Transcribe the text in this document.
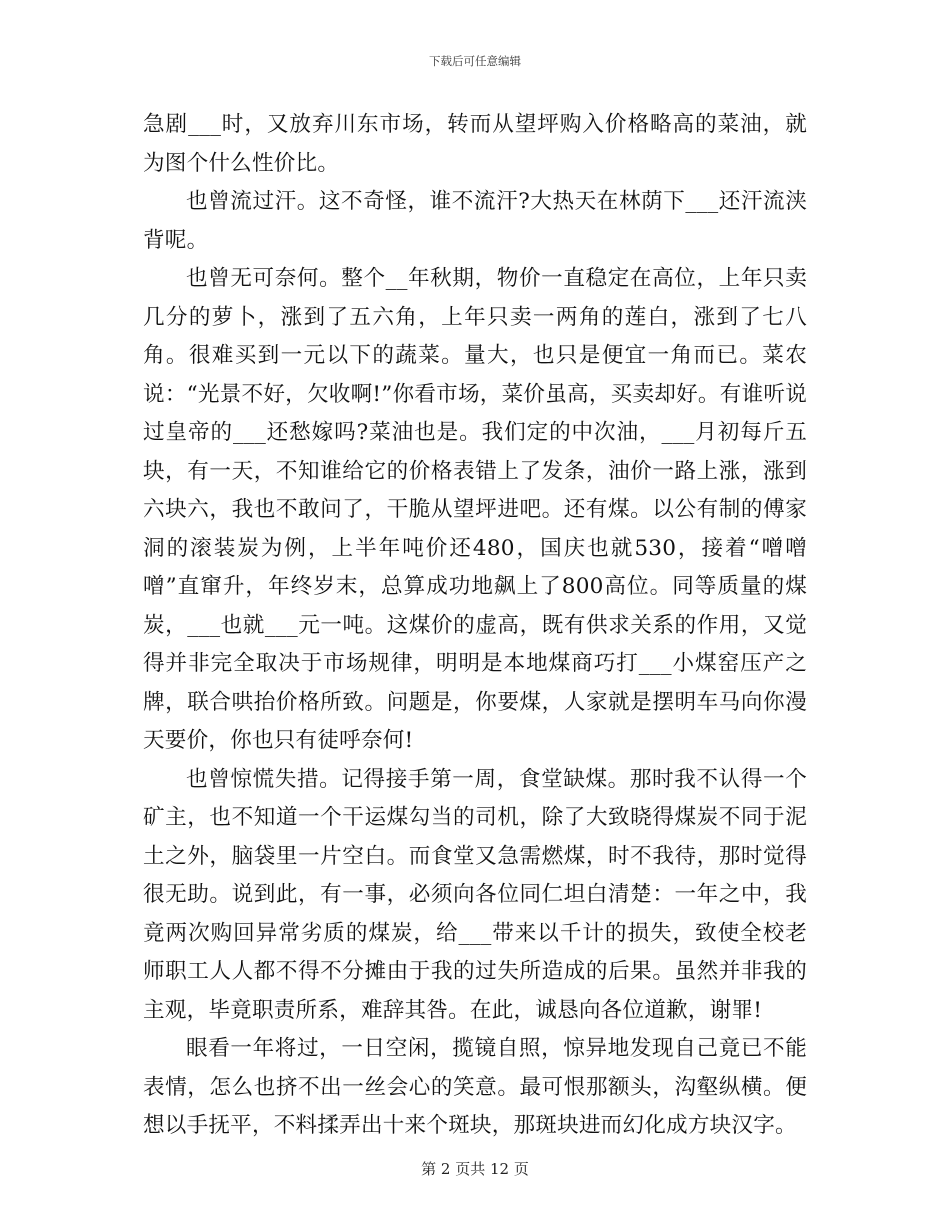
下载后可任意编辑

急剧___时，又放弃川东市场，转而从望坪购入价格略高的菜油，就为图个什么性价比。

也曾流过汗。这不奇怪，谁不流汗?大热天在林荫下___还汗流浃背呢。

也曾无可奈何。整个__年秋期，物价一直稳定在高位，上年只卖几分的萝卜，涨到了五六角，上年只卖一两角的莲白，涨到了七八角。很难买到一元以下的蔬菜。量大，也只是便宜一角而已。菜农说：“光景不好，欠收啊!”你看市场，菜价虽高，买卖却好。有谁听说过皇帝的___还愁嫁吗?菜油也是。我们定的中次油，___月初每斤五块，有一天，不知谁给它的价格表错上了发条，油价一路上涨，涨到六块六，我也不敢问了，干脆从望坪进吧。还有煤。以公有制的傅家洞的滚装炭为例，上半年吨价还480，国庆也就530，接着“噌噌噌”直窜升，年终岁末，总算成功地飙上了800高位。同等质量的煤炭，___也就___元一吨。这煤价的虚高，既有供求关系的作用，又觉得并非完全取决于市场规律，明明是本地煤商巧打___小煤窑压产之牌，联合哄抬价格所致。问题是，你要煤，人家就是摆明车马向你漫天要价，你也只有徒呼奈何!

也曾惊慌失措。记得接手第一周，食堂缺煤。那时我不认得一个矿主，也不知道一个干运煤勾当的司机，除了大致晓得煤炭不同于泥土之外，脑袋里一片空白。而食堂又急需燃煤，时不我待，那时觉得很无助。说到此，有一事，必须向各位同仁坦白清楚：一年之中，我竟两次购回异常劣质的煤炭，给___带来以千计的损失，致使全校老师职工人人都不得不分摊由于我的过失所造成的后果。虽然并非我的主观，毕竟职责所系，难辞其咎。在此，诚恳向各位道歉，谢罪!

眼看一年将过，一日空闲，揽镜自照，惊异地发现自己竟已不能表情，怎么也挤不出一丝会心的笑意。最可恨那额头，沟壑纵横。便想以手抚平，不料揉弄出十来个斑块，那斑块进而幻化成方块汉字。

第 2 页共 12 页
